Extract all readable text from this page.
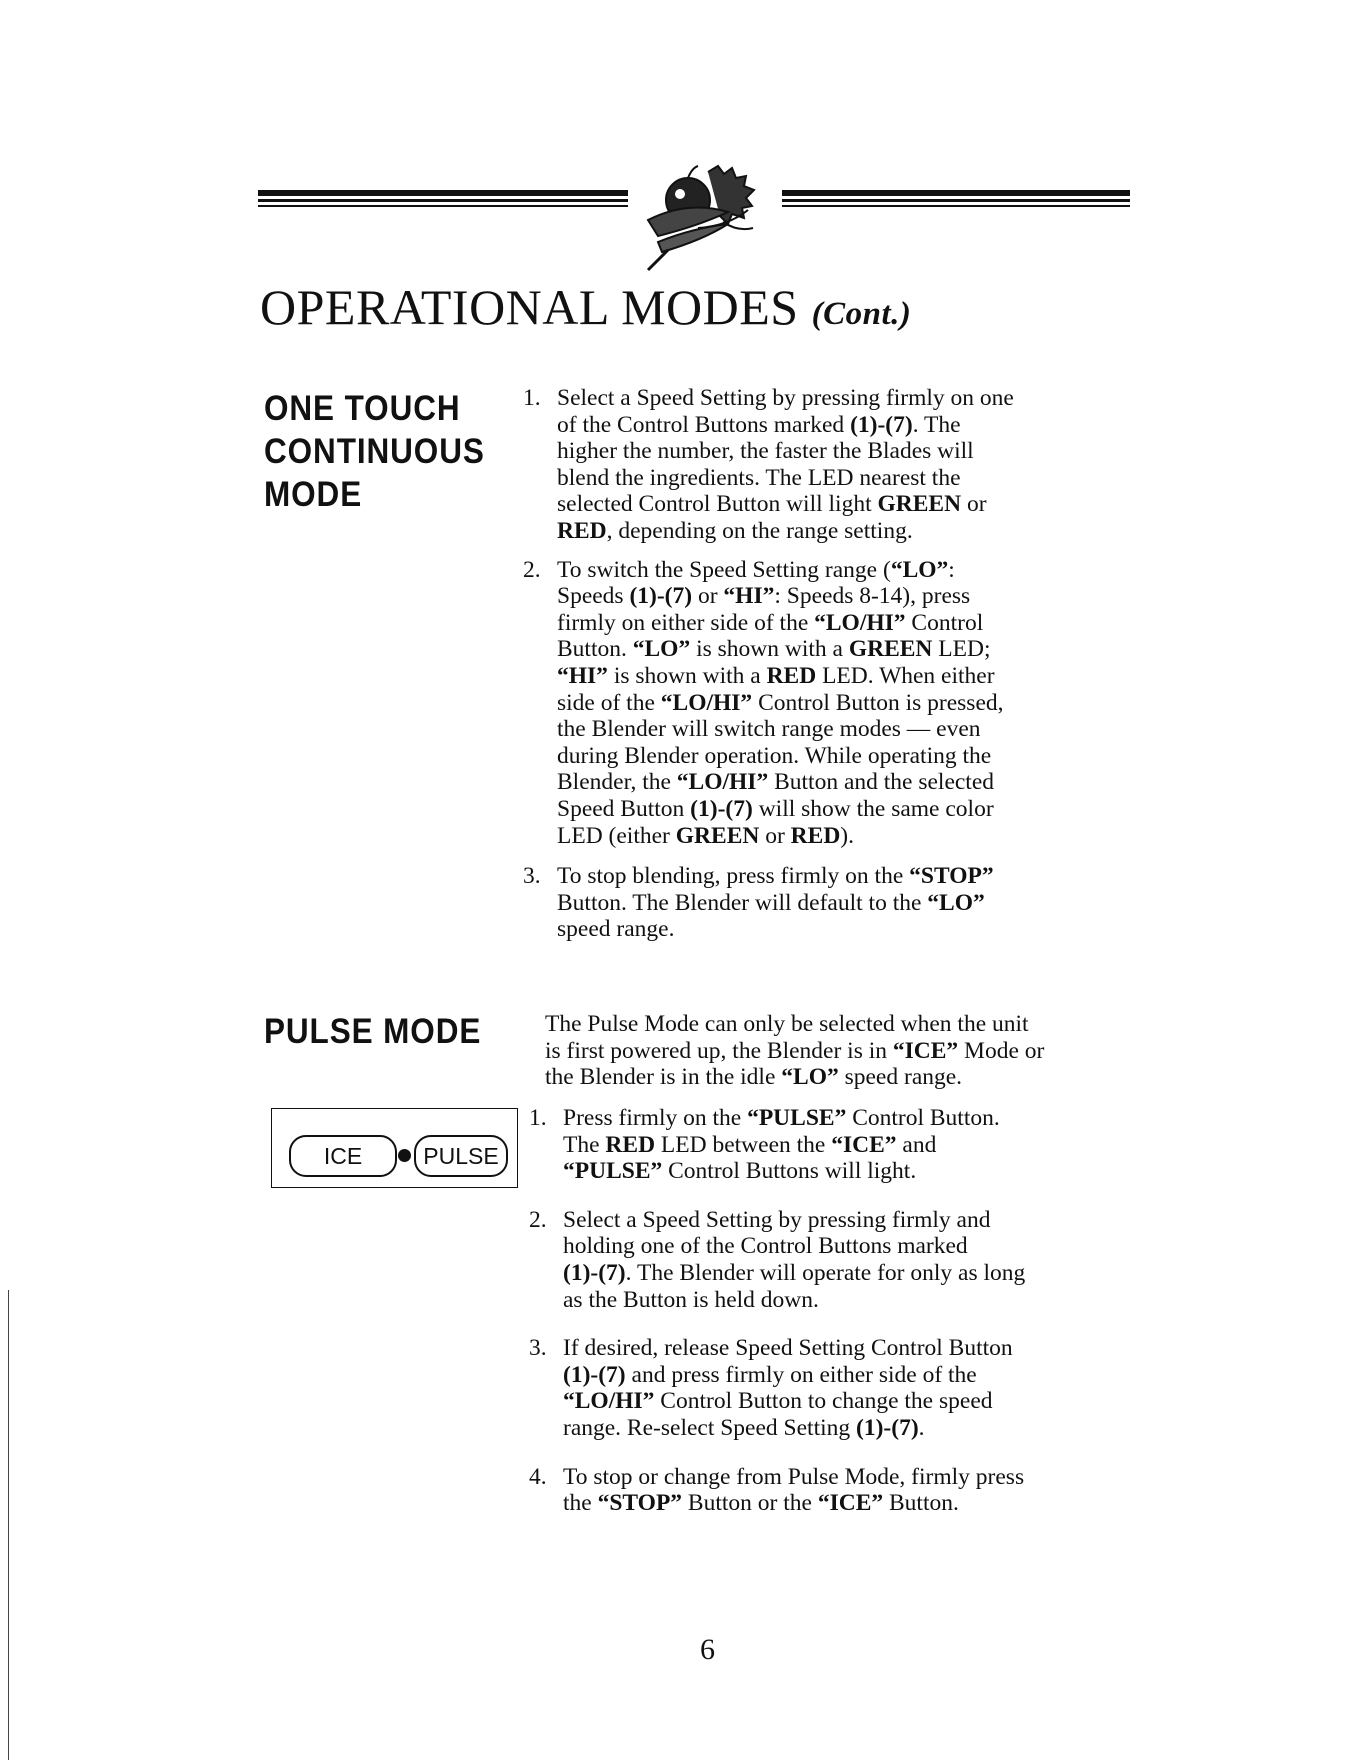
OPERATIONAL MODES (Cont.)
ONE TOUCH
CONTINUOUS
MODE
1. Select a Speed Setting by pressing firmly on one
of the Control Buttons marked (1)-(7). The
higher the number, the faster the Blades will
blend the ingredients. The LED nearest the
selected Control Button will light GREEN or
RED, depending on the range setting.
2. To switch the Speed Setting range (“LO”:
Speeds (1)-(7) or “HI”: Speeds 8-14), press
firmly on either side of the “LO/HI” Control
Button. “LO” is shown with a GREEN LED;
“HI” is shown with a RED LED. When either
side of the “LO/HI” Control Button is pressed,
the Blender will switch range modes — even
during Blender operation. While operating the
Blender, the “LO/HI” Button and the selected
Speed Button (1)-(7) will show the same color
LED (either GREEN or RED).
3. To stop blending, press firmly on the “STOP”
Button. The Blender will default to the “LO”
speed range.
PULSE MODE	The Pulse Mode can only be selected when the unit
is first powered up, the Blender is in “ICE” Mode or
the Blender is in the idle “LO” speed range.
ICE	PULSE
1. Press firmly on the “PULSE” Control Button.
The RED LED between the “ICE” and
“PULSE” Control Buttons will light.
2. Select a Speed Setting by pressing firmly and
holding one of the Control Buttons marked
(1)-(7). The Blender will operate for only as long
as the Button is held down.
3. If desired, release Speed Setting Control Button
(1)-(7) and press firmly on either side of the
“LO/HI” Control Button to change the speed
range. Re-select Speed Setting (1)-(7).
4. To stop or change from Pulse Mode, firmly press
the “STOP” Button or the “ICE” Button.
6
